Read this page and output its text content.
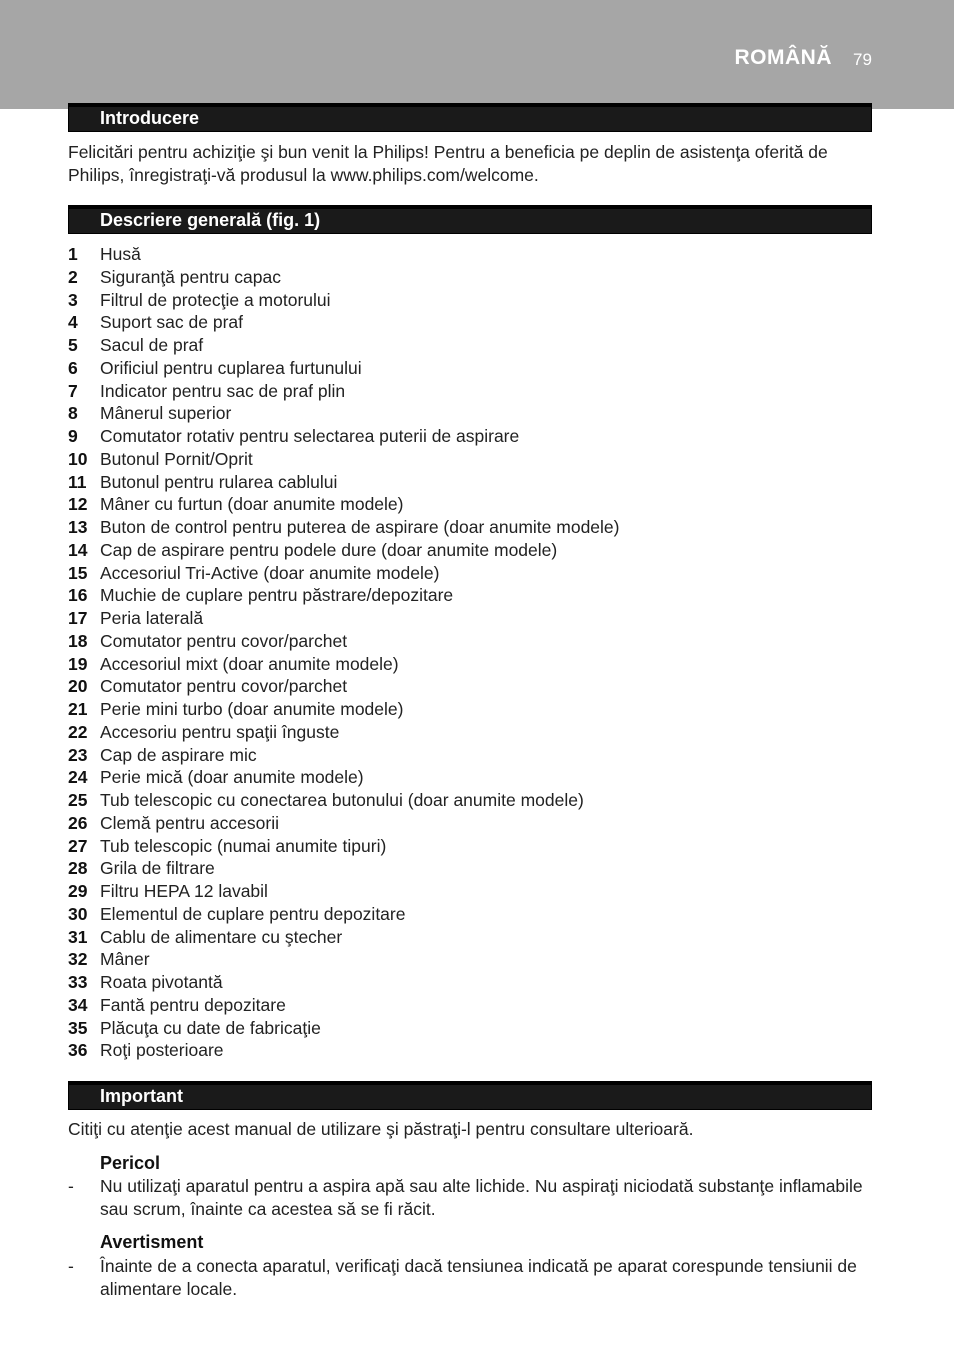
ROMÂNĂ 79
Introducere
Felicitări pentru achiziţie şi bun venit la Philips! Pentru a beneficia pe deplin de asistenţa oferită de Philips, înregistraţi-vă produsul la www.philips.com/welcome.
Descriere generală (fig. 1)
1 Husă
2 Siguranţă pentru capac
3 Filtrul de protecţie a motorului
4 Suport sac de praf
5 Sacul de praf
6 Orificiul pentru cuplarea furtunului
7 Indicator pentru sac de praf plin
8 Mânerul superior
9 Comutator rotativ pentru selectarea puterii de aspirare
10 Butonul Pornit/Oprit
11 Butonul pentru rularea cablului
12 Mâner cu furtun (doar anumite modele)
13 Buton de control pentru puterea de aspirare (doar anumite modele)
14 Cap de aspirare pentru podele dure (doar anumite modele)
15 Accesoriul Tri-Active (doar anumite modele)
16 Muchie de cuplare pentru păstrare/depozitare
17 Peria laterală
18 Comutator pentru covor/parchet
19 Accesoriul mixt (doar anumite modele)
20 Comutator pentru covor/parchet
21 Perie mini turbo (doar anumite modele)
22 Accesoriu pentru spaţii înguste
23 Cap de aspirare mic
24 Perie mică (doar anumite modele)
25 Tub telescopic cu conectarea butonului (doar anumite modele)
26 Clemă pentru accesorii
27 Tub telescopic (numai anumite tipuri)
28 Grila de filtrare
29 Filtru HEPA 12 lavabil
30 Elementul de cuplare pentru depozitare
31 Cablu de alimentare cu ştecher
32 Mâner
33 Roata pivotantă
34 Fantă pentru depozitare
35 Plăcuţa cu date de fabricaţie
36 Roţi posterioare
Important
Citiţi cu atenţie acest manual de utilizare şi păstraţi-l pentru consultare ulterioară.
Pericol
- Nu utilizaţi aparatul pentru a aspira apă sau alte lichide. Nu aspiraţi niciodată substanţe inflamabile sau scrum, înainte ca acestea să se fi răcit.
Avertisment
- Înainte de a conecta aparatul, verificaţi dacă tensiunea indicată pe aparat corespunde tensiunii de alimentare locale.
